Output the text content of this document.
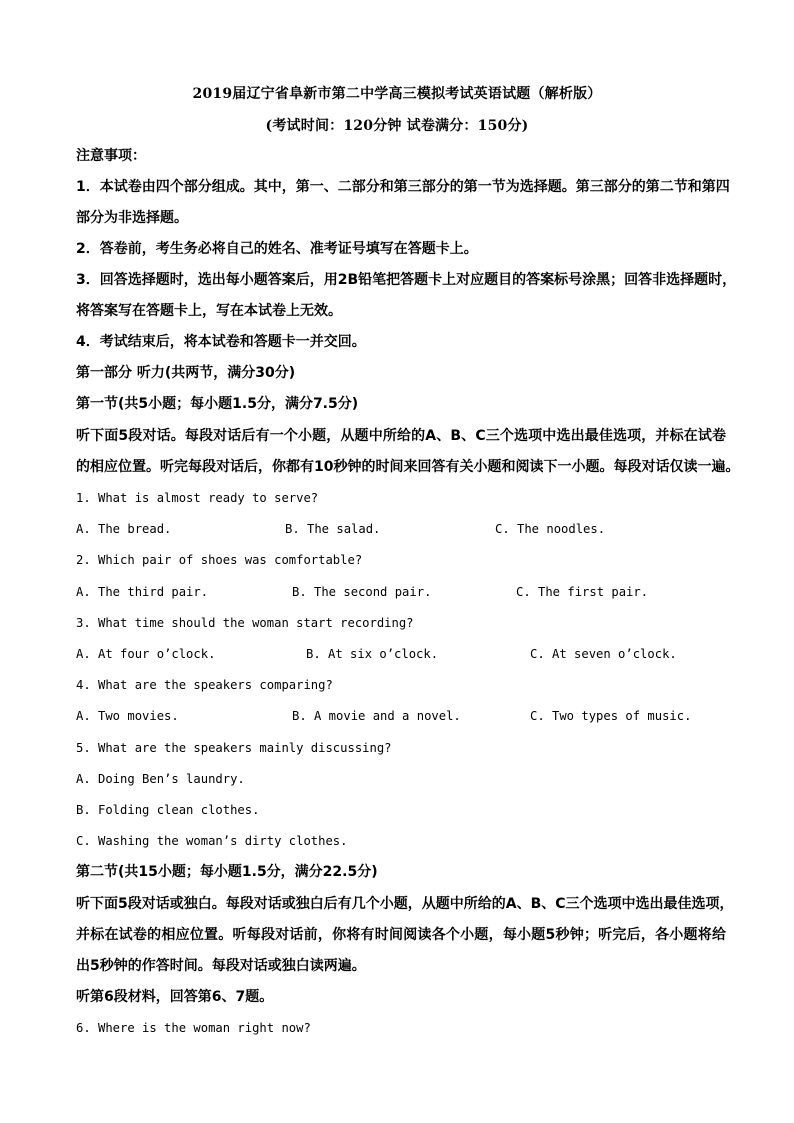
2019届辽宁省阜新市第二中学高三模拟考试英语试题（解析版）
(考试时间：120分钟 试卷满分：150分)
注意事项：
1．本试卷由四个部分组成。其中，第一、二部分和第三部分的第一节为选择题。第三部分的第二节和第四
部分为非选择题。
2．答卷前，考生务必将自己的姓名、准考证号填写在答题卡上。
3．回答选择题时，选出每小题答案后，用2B铅笔把答题卡上对应题目的答案标号涂黑；回答非选择题时，
将答案写在答题卡上，写在本试卷上无效。
4．考试结束后，将本试卷和答题卡一并交回。
第一部分 听力(共两节，满分30分)
第一节(共5小题；每小题1.5分，满分7.5分)
听下面5段对话。每段对话后有一个小题，从题中所给的A、B、C三个选项中选出最佳选项，并标在试卷
的相应位置。听完每段对话后，你都有10秒钟的时间来回答有关小题和阅读下一小题。每段对话仅读一遍。
1. What is almost ready to serve?
A. The bread.	B. The salad.	C. The noodles.
2. Which pair of shoes was comfortable?
A. The third pair.	B. The second pair.	C. The first pair.
3. What time should the woman start recording?
A. At four o’clock.	B. At six o’clock.	C. At seven o’clock.
4. What are the speakers comparing?
A. Two movies.	B. A movie and a novel.	C. Two types of music.
5. What are the speakers mainly discussing?
A. Doing Ben’s laundry.
B. Folding clean clothes.
C. Washing the woman’s dirty clothes.
第二节(共15小题；每小题1.5分，满分22.5分)
听下面5段对话或独白。每段对话或独白后有几个小题，从题中所给的A、B、C三个选项中选出最佳选项，
并标在试卷的相应位置。听每段对话前，你将有时间阅读各个小题，每小题5秒钟；听完后，各小题将给
出5秒钟的作答时间。每段对话或独白读两遍。
听第6段材料，回答第6、7题。
6. Where is the woman right now?
